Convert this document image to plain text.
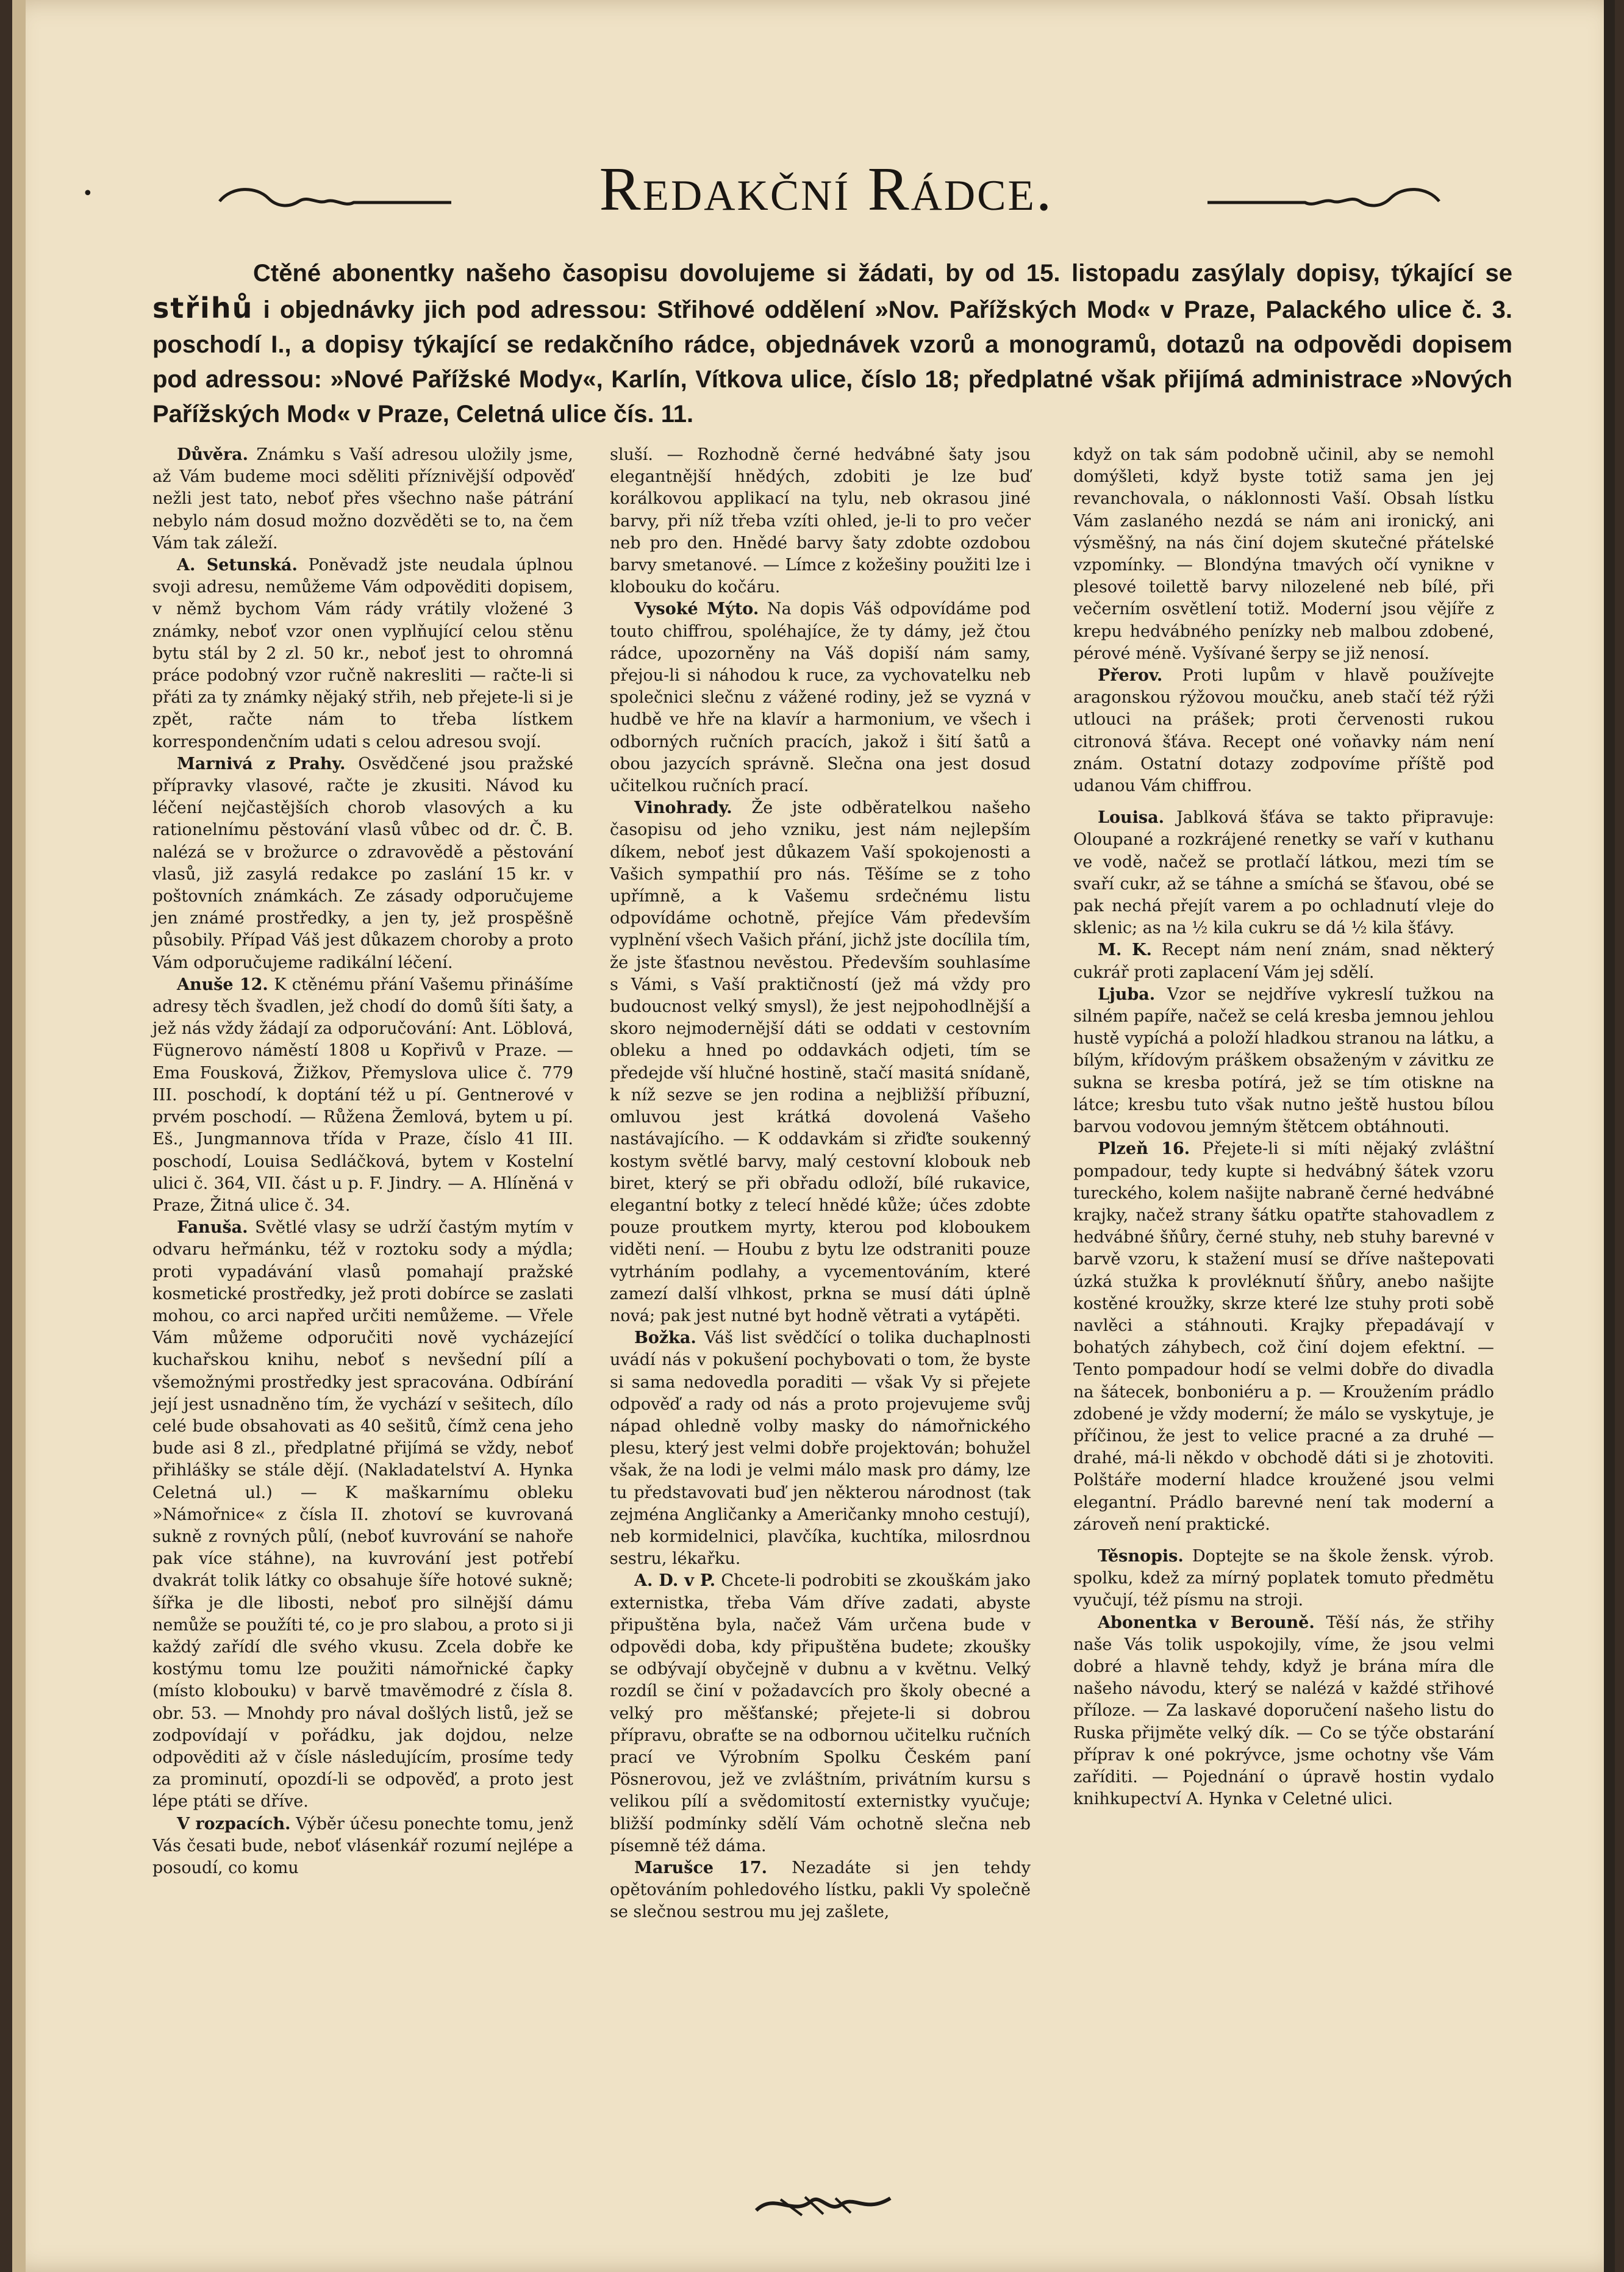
•	Redakční Rádce.
Ctěné abonentky našeho časopisu dovolujeme si žádati, by od 15. listopadu zasýlaly dopisy, týkající se střihů i objednávky jich pod adressou: Střihové oddělení »Nov. Pařížských Mod« v Praze, Palackého ulice č. 3. poschodí I., a dopisy týkající se redakčního rádce, objednávek vzorů a monogramů, dotazů na odpovědi dopisem pod adressou: »Nové Pařížské Mody«, Karlín, Vítkova ulice, číslo 18; předplatné však přijímá administrace »Nových Pařížských Mod« v Praze, Celetná ulice čís. 11.

Důvěra. Známku s Vaší adresou uložily jsme, až Vám budeme moci sděliti příznivější odpověď nežli jest tato, neboť přes všechno naše pátrání nebylo nám dosud možno dozvěděti se to, na čem Vám tak záleží.

A. Setunská. Poněvadž jste neudala úplnou svoji adresu, nemůžeme Vám odpověditi dopisem, v němž bychom Vám rády vrátily vložené 3 známky, neboť vzor onen vyplňující celou stěnu bytu stál by 2 zl. 50 kr., neboť jest to ohromná práce podobný vzor ručně nakresliti — račte-li si přáti za ty známky nějaký střih, neb přejete-li si je zpět, račte nám to třeba lístkem korrespondenčním udati s celou adresou svojí.

Marnivá z Prahy. Osvědčené jsou pražské přípravky vlasové, račte je zkusiti. Návod ku léčení nejčastějších chorob vlasových a ku rationelnímu pěstování vlasů vůbec od dr. Č. B. nalézá se v brožurce o zdravovědě a pěstování vlasů, již zasylá redakce po zaslání 15 kr. v poštovních známkách. Ze zásady odporučujeme jen známé prostředky, a jen ty, jež prospěšně působily. Případ Váš jest důkazem choroby a proto Vám odporučujeme radikální léčení.

Anuše 12. K ctěnému přání Vašemu přinášíme adresy těch švadlen, jež chodí do domů šíti šaty, a jež nás vždy žádají za odporučování: Ant. Löblová, Fügnerovo náměstí 1808 u Kopřivů v Praze. — Ema Fousková, Žižkov, Přemyslova ulice č. 779 III. poschodí, k doptání též u pí. Gentnerové v prvém poschodí. — Růžena Žemlová, bytem u pí. Eš., Jungmannova třída v Praze, číslo 41 III. poschodí, Louisa Sedláčková, bytem v Kostelní ulici č. 364, VII. část u p. F. Jindry. — A. Hlíněná v Praze, Žitná ulice č. 34.

Fanuša. Světlé vlasy se udrží častým mytím v odvaru heřmánku, též v roztoku sody a mýdla; proti vypadávání vlasů pomahají pražské kosmetické prostředky, jež proti dobírce se zaslati mohou, co arci napřed určiti nemůžeme. — Vřele Vám můžeme odporučiti nově vycházející kuchařskou knihu, neboť s nevšední pílí a všemožnými prostředky jest spracována. Odbírání její jest usnadněno tím, že vychází v sešitech, dílo celé bude obsahovati as 40 sešitů, čímž cena jeho bude asi 8 zl., předplatné přijímá se vždy, neboť přihlášky se stále dějí. (Nakladatelství A. Hynka Celetná ul.) — K maškarnímu obleku »Námořnice« z čísla II. zhotoví se kuvrovaná sukně z rovných půlí, (neboť kuvrování se nahoře pak více stáhne), na kuvrování jest potřebí dvakrát tolik látky co obsahuje šíře hotové sukně; šířka je dle libosti, neboť pro silnější dámu nemůže se použíti té, co je pro slabou, a proto si ji každý zařídí dle svého vkusu. Zcela dobře ke kostýmu tomu lze použiti námořnické čapky (místo klobouku) v barvě tmavěmodré z čísla 8. obr. 53. — Mnohdy pro nával došlých listů, jež se zodpovídají v pořádku, jak dojdou, nelze odpověditi až v čísle následujícím, prosíme tedy za prominutí, opozdí-li se odpověď, a proto jest lépe ptáti se dříve.

V rozpacích. Výběr účesu ponechte tomu, jenž Vás česati bude, neboť vlásenkář rozumí nejlépe a posoudí, co komu

sluší. — Rozhodně černé hedvábné šaty jsou elegantnější hnědých, zdobiti je lze buď korálkovou applikací na tylu, neb okrasou jiné barvy, při níž třeba vzíti ohled, je-li to pro večer neb pro den. Hnědé barvy šaty zdobte ozdobou barvy smetanové. — Límce z kožešiny použiti lze i klobouku do kočáru.

Vysoké Mýto. Na dopis Váš odpovídáme pod touto chiffrou, spoléhajíce, že ty dámy, jež čtou rádce, upozorněny na Váš dopiší nám samy, přejou-li si náhodou k ruce, za vychovatelku neb společnici slečnu z vážené rodiny, jež se vyzná v hudbě ve hře na klavír a harmonium, ve všech i odborných ručních pracích, jakož i šití šatů a obou jazycích správně. Slečna ona jest dosud učitelkou ručních prací.

Vinohrady. Že jste odběratelkou našeho časopisu od jeho vzniku, jest nám nejlepším díkem, neboť jest důkazem Vaší spokojenosti a Vašich sympathií pro nás. Těšíme se z toho upřímně, a k Vašemu srdečnému listu odpovídáme ochotně, přejíce Vám především vyplnění všech Vašich přání, jichž jste docílila tím, že jste šťastnou nevěstou. Především souhlasíme s Vámi, s Vaší praktičností (jež má vždy pro budoucnost velký smysl), že jest nejpohodlnější a skoro nejmodernější dáti se oddati v cestovním obleku a hned po oddavkách odjeti, tím se předejde vší hlučné hostině, stačí masitá snídaně, k níž sezve se jen rodina a nejbližší příbuzní, omluvou jest krátká dovolená Vašeho nastávajícího. — K oddavkám si zřiďte soukenný kostym světlé barvy, malý cestovní klobouk neb biret, který se při obřadu odloží, bílé rukavice, elegantní botky z telecí hnědé kůže; účes zdobte pouze proutkem myrty, kterou pod kloboukem viděti není. — Houbu z bytu lze odstraniti pouze vytrháním podlahy, a vycementováním, které zamezí další vlhkost, prkna se musí dáti úplně nová; pak jest nutné byt hodně větrati a vytápěti.

Božka. Váš list svědčící o tolika duchaplnosti uvádí nás v pokušení pochybovati o tom, že byste si sama nedovedla poraditi — však Vy si přejete odpověď a rady od nás a proto projevujeme svůj nápad ohledně volby masky do námořnického plesu, který jest velmi dobře projektován; bohužel však, že na lodi je velmi málo mask pro dámy, lze tu představovati buď jen některou národnost (tak zejména Angličanky a Američanky mnoho cestují), neb kormidelnici, plavčíka, kuchtíka, milosrdnou sestru, lékařku.

A. D. v P. Chcete-li podrobiti se zkouškám jako externistka, třeba Vám dříve zadati, abyste připuštěna byla, načež Vám určena bude v odpovědi doba, kdy připuštěna budete; zkoušky se odbývají obyčejně v dubnu a v květnu. Velký rozdíl se činí v požadavcích pro školy obecné a velký pro měšťanské; přejete-li si dobrou přípravu, obraťte se na odbornou učitelku ručních prací ve Výrobním Spolku Českém paní Pösnerovou, jež ve zvláštním, privátním kursu s velikou pílí a svědomitostí externistky vyučuje; bližší podmínky sdělí Vám ochotně slečna neb písemně též dáma.

Marušce 17. Nezadáte si jen tehdy opětováním pohledového lístku, pakli Vy společně se slečnou sestrou mu jej zašlete,

když on tak sám podobně učinil, aby se nemohl domýšleti, když byste totiž sama jen jej revanchovala, o náklonnosti Vaší. Obsah lístku Vám zaslaného nezdá se nám ani ironický, ani výsměšný, na nás činí dojem skutečné přátelské vzpomínky. — Blondýna tmavých očí vynikne v plesové toilettě barvy nilozelené neb bílé, při večerním osvětlení totiž. Moderní jsou vějíře z krepu hedvábného penízky neb malbou zdobené, pérové méně. Vyšívané šerpy se již nenosí.

Přerov. Proti lupům v hlavě používejte aragonskou rýžovou moučku, aneb stačí též rýži utlouci na prášek; proti červenosti rukou citronová šťáva. Recept oné voňavky nám není znám. Ostatní dotazy zodpovíme příště pod udanou Vám chiffrou.

Louisa. Jablková šťáva se takto připravuje: Oloupané a rozkrájené renetky se vaří v kuthanu ve vodě, načež se protlačí látkou, mezi tím se svaří cukr, až se táhne a smíchá se šťavou, obé se pak nechá přejít varem a po ochladnutí vleje do sklenic; as na ½ kila cukru se dá ½ kila šťávy.

M. K. Recept nám není znám, snad některý cukrář proti zaplacení Vám jej sdělí.

Ljuba. Vzor se nejdříve vykreslí tužkou na silném papíře, načež se celá kresba jemnou jehlou hustě vypíchá a položí hladkou stranou na látku, a bílým, křídovým práškem obsaženým v závitku ze sukna se kresba potírá, jež se tím otiskne na látce; kresbu tuto však nutno ještě hustou bílou barvou vodovou jemným štětcem obtáhnouti.

Plzeň 16. Přejete-li si míti nějaký zvláštní pompadour, tedy kupte si hedvábný šátek vzoru tureckého, kolem našijte nabraně černé hedvábné krajky, načež strany šátku opatřte stahovadlem z hedvábné šňůry, černé stuhy, neb stuhy barevné v barvě vzoru, k stažení musí se dříve naštepovati úzká stužka k provléknutí šňůry, anebo našijte kostěné kroužky, skrze které lze stuhy proti sobě navlěci a stáhnouti. Krajky přepadávají v bohatých záhybech, což činí dojem efektní. — Tento pompadour hodí se velmi dobře do divadla na šátecek, bonboniéru a p. — Kroužením prádlo zdobené je vždy moderní; že málo se vyskytuje, je příčinou, že jest to velice pracné a za druhé — drahé, má-li někdo v obchodě dáti si je zhotoviti. Polštáře moderní hladce kroužené jsou velmi elegantní. Prádlo barevné není tak moderní a zároveň není praktické.

Těsnopis. Doptejte se na škole žensk. výrob. spolku, kdež za mírný poplatek tomuto předmětu vyučují, též písmu na stroji.

Abonentka v Berouně. Těší nás, že střihy naše Vás tolik uspokojily, víme, že jsou velmi dobré a hlavně tehdy, když je brána míra dle našeho návodu, který se nalézá v každé střihové příloze. — Za laskavé doporučení našeho listu do Ruska přijměte velký dík. — Co se týče obstarání příprav k oné pokrývce, jsme ochotny vše Vám zaříditi. — Pojednání o úpravě hostin vydalo knihkupectví A. Hynka v Celetné ulici.
